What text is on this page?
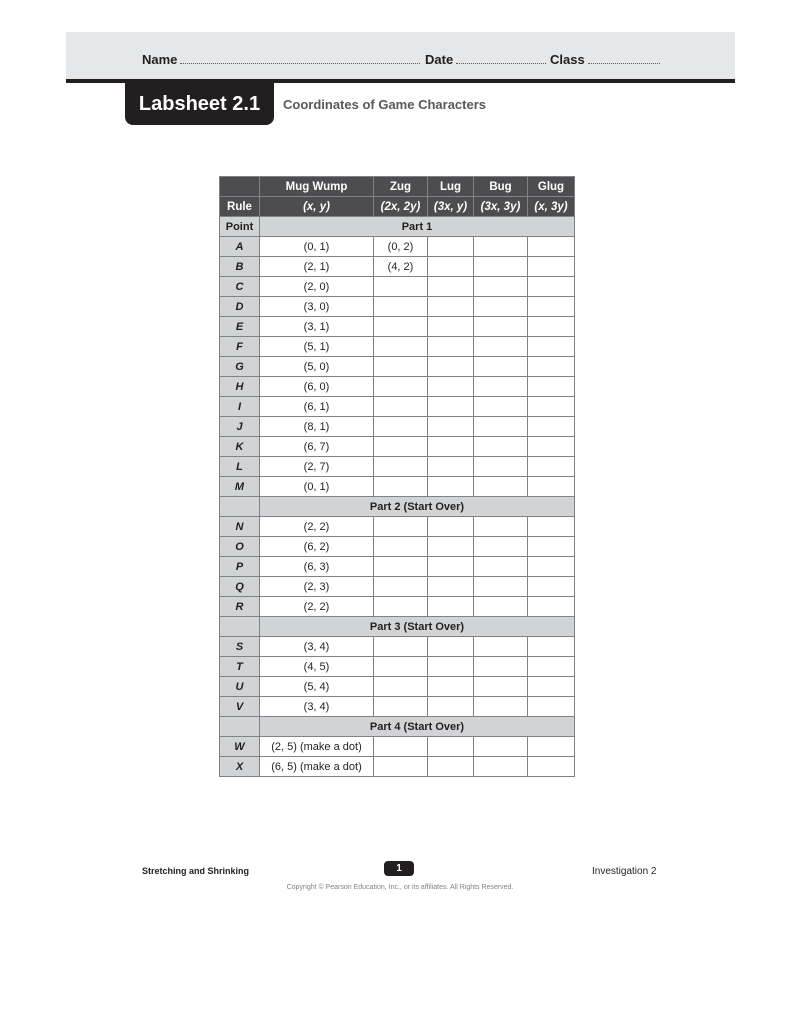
Name	Date	Class
Labsheet 2.1	Coordinates of Game Characters
	Mug Wump	Zug	Lug	Bug	Glug
Rule	(x, y)	(2x, 2y)	(3x, y)	(3x, 3y)	(x, 3y)
Point	Part 1				
A	(0, 1)	(0, 2)			
B	(2, 1)	(4, 2)			
C	(2, 0)				
D	(3, 0)				
E	(3, 1)				
F	(5, 1)				
G	(5, 0)				
H	(6, 0)				
I	(6, 1)				
J	(8, 1)				
K	(6, 7)				
L	(2, 7)				
M	(0, 1)				
	Part 2 (Start Over)				
N	(2, 2)				
O	(6, 2)				
P	(6, 3)				
Q	(2, 3)				
R	(2, 2)				
	Part 3 (Start Over)				
S	(3, 4)				
T	(4, 5)				
U	(5, 4)				
V	(3, 4)				
	Part 4 (Start Over)				
W	(2, 5) (make a dot)				
X	(6, 5) (make a dot)				
Stretching and Shrinking	1	Investigation 2
Copyright © Pearson Education, Inc., or its affiliates. All Rights Reserved.
